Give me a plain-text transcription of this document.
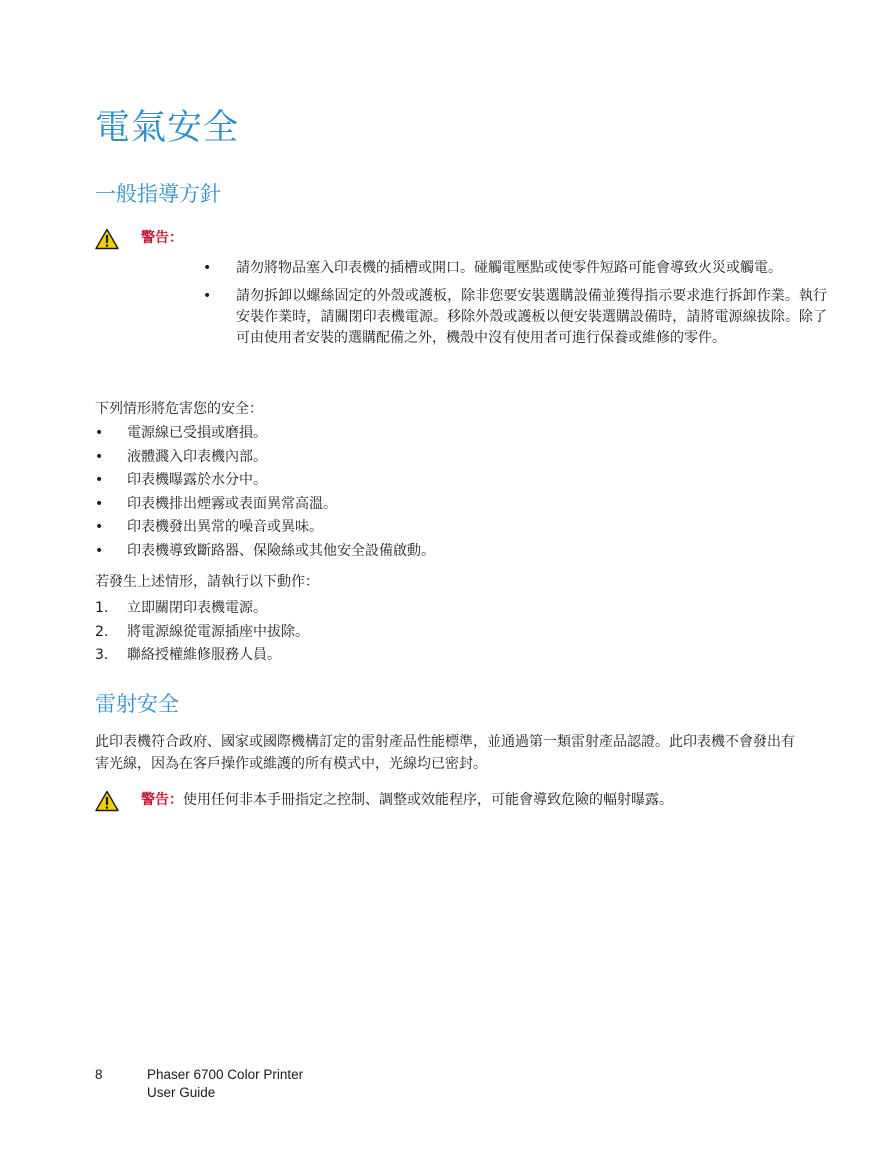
電氣安全
一般指導方針
警告：
• 請勿將物品塞入印表機的插槽或開口。碰觸電壓點或使零件短路可能會導致火災或觸電。
• 請勿拆卸以螺絲固定的外殼或護板，除非您要安裝選購設備並獲得指示要求進行拆卸作業。執行安裝作業時，請關閉印表機電源。移除外殼或護板以便安裝選購設備時，請將電源線拔除。除了可由使用者安裝的選購配備之外，機殼中沒有使用者可進行保養或維修的零件。

下列情形將危害您的安全：

• 電源線已受損或磨損。
• 液體濺入印表機內部。
• 印表機曝露於水分中。
• 印表機排出煙霧或表面異常高溫。
• 印表機發出異常的噪音或異味。
• 印表機導致斷路器、保險絲或其他安全設備啟動。

若發生上述情形，請執行以下動作：

1. 立即關閉印表機電源。
2. 將電源線從電源插座中拔除。
3. 聯絡授權維修服務人員。
雷射安全

此印表機符合政府、國家或國際機構訂定的雷射產品性能標準，並通過第一類雷射產品認證。此印表機不會發出有害光線，因為在客戶操作或維護的所有模式中，光線均已密封。

警告： 使用任何非本手冊指定之控制、調整或效能程序，可能會導致危險的輻射曝露。
8	Phaser 6700 Color Printer
User Guide
